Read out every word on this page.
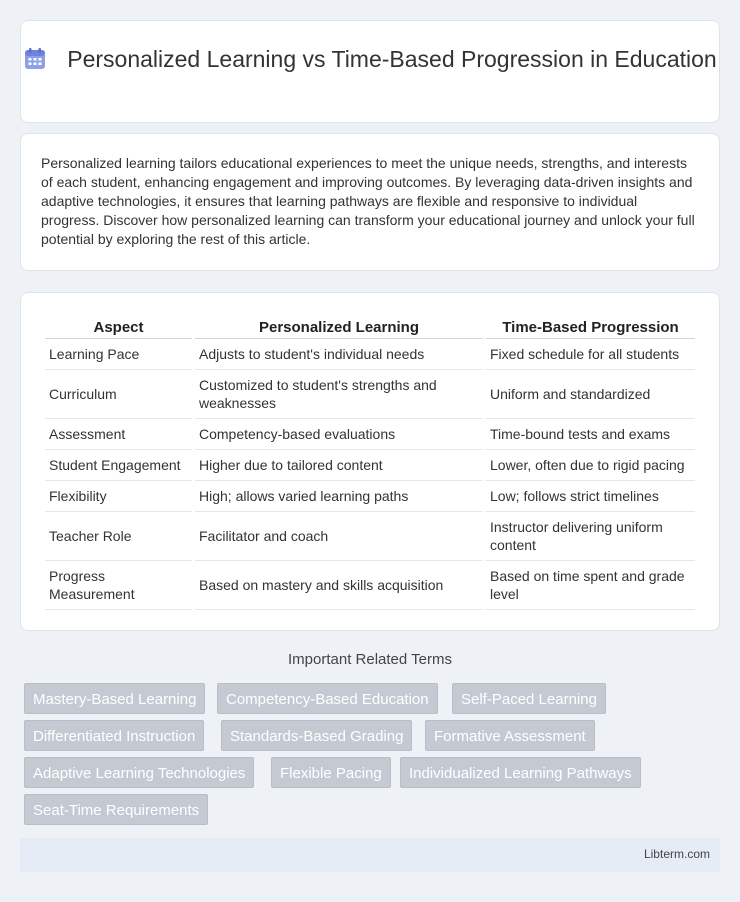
Personalized Learning vs Time-Based Progression in Education

Personalized learning tailors educational experiences to meet the unique needs, strengths, and interests of each student, enhancing engagement and improving outcomes. By leveraging data-driven insights and adaptive technologies, it ensures that learning pathways are flexible and responsive to individual progress. Discover how personalized learning can transform your educational journey and unlock your full potential by exploring the rest of this article.

Aspect	Personalized Learning	Time-Based Progression
Learning Pace	Adjusts to student's individual needs	Fixed schedule for all students
Curriculum	Customized to student's strengths and weaknesses	Uniform and standardized
Assessment	Competency-based evaluations	Time-bound tests and exams
Student Engagement	Higher due to tailored content	Lower, often due to rigid pacing
Flexibility	High; allows varied learning paths	Low; follows strict timelines
Teacher Role	Facilitator and coach	Instructor delivering uniform content
Progress Measurement	Based on mastery and skills acquisition	Based on time spent and grade level
Important Related Terms
Mastery-Based Learning	Competency-Based Education	Self-Paced Learning
Differentiated Instruction	Standards-Based Grading	Formative Assessment
Adaptive Learning Technologies	Flexible Pacing	Individualized Learning Pathways
Seat-Time Requirements
Libterm.com
